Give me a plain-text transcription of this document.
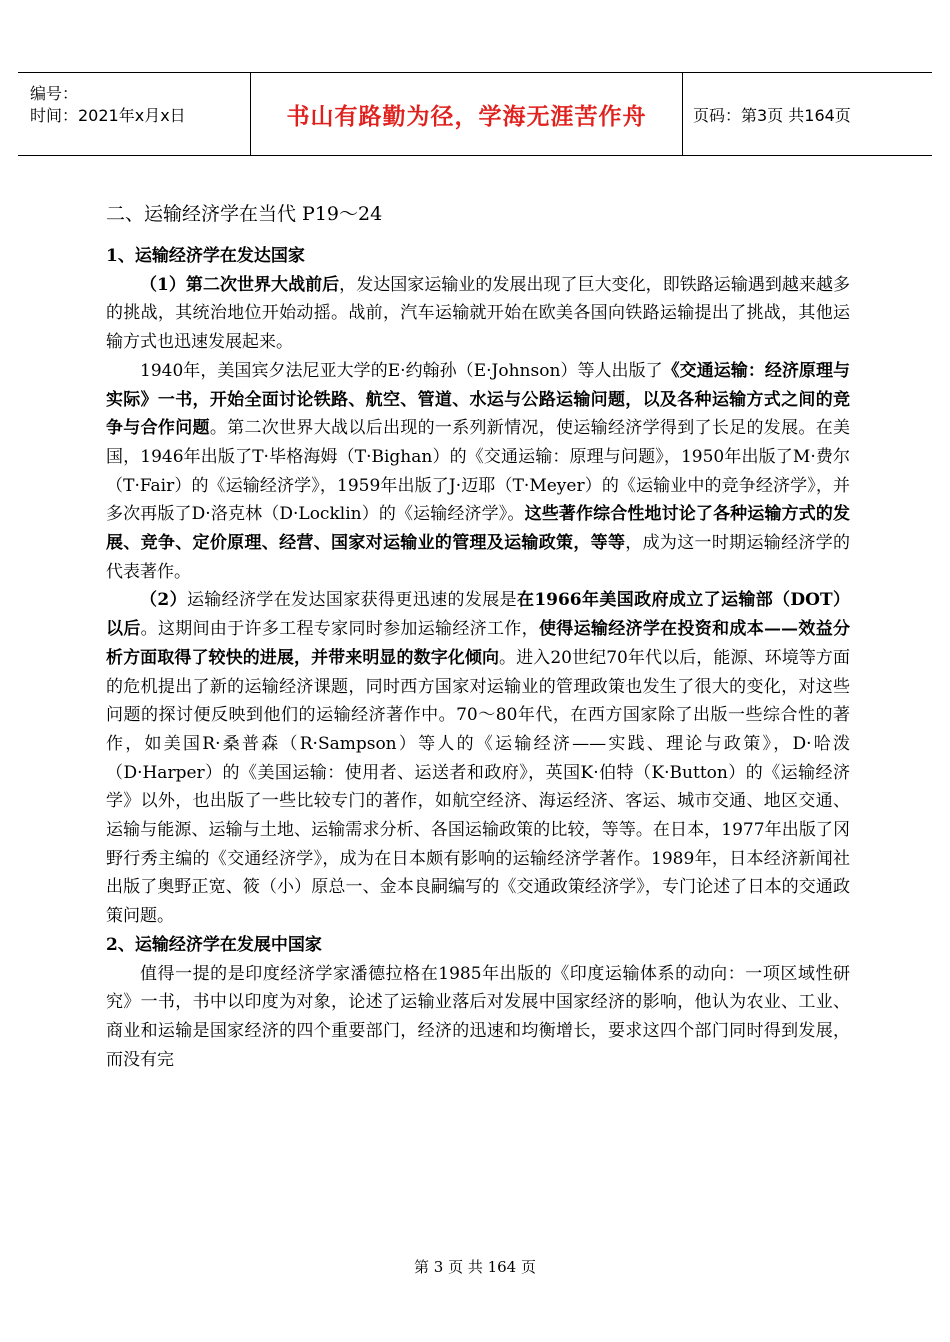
编号：
时间：2021年x月x日	书山有路勤为径，学海无涯苦作舟	页码：第3页 共164页
二、运输经济学在当代 P19～24

1、运输经济学在发达国家

（1）第二次世界大战前后，发达国家运输业的发展出现了巨大变化，即铁路运输遇到越来越多的挑战，其统治地位开始动摇。战前，汽车运输就开始在欧美各国向铁路运输提出了挑战，其他运输方式也迅速发展起来。

1940年，美国宾夕法尼亚大学的E·约翰孙（E·Johnson）等人出版了《交通运输：经济原理与实际》一书，开始全面讨论铁路、航空、管道、水运与公路运输问题，以及各种运输方式之间的竞争与合作问题。第二次世界大战以后出现的一系列新情况，使运输经济学得到了长足的发展。在美国，1946年出版了T·毕格海姆（T·Bighan）的《交通运输：原理与问题》，1950年出版了M·费尔（T·Fair）的《运输经济学》，1959年出版了J·迈耶（T·Meyer）的《运输业中的竞争经济学》，并多次再版了D·洛克林（D·Locklin）的《运输经济学》。这些著作综合性地讨论了各种运输方式的发展、竞争、定价原理、经营、国家对运输业的管理及运输政策，等等，成为这一时期运输经济学的代表著作。

（2）运输经济学在发达国家获得更迅速的发展是在1966年美国政府成立了运输部（DOT）以后。这期间由于许多工程专家同时参加运输经济工作，使得运输经济学在投资和成本——效益分析方面取得了较快的进展，并带来明显的数字化倾向。进入20世纪70年代以后，能源、环境等方面的危机提出了新的运输经济课题，同时西方国家对运输业的管理政策也发生了很大的变化，对这些问题的探讨便反映到他们的运输经济著作中。70～80年代，在西方国家除了出版一些综合性的著作，如美国R·桑普森（R·Sampson）等人的《运输经济——实践、理论与政策》，D·哈泼（D·Harper）的《美国运输：使用者、运送者和政府》，英国K·伯特（K·Button）的《运输经济学》以外，也出版了一些比较专门的著作，如航空经济、海运经济、客运、城市交通、地区交通、运输与能源、运输与土地、运输需求分析、各国运输政策的比较，等等。在日本，1977年出版了冈野行秀主编的《交通经济学》，成为在日本颇有影响的运输经济学著作。1989年，日本经济新闻社出版了奥野正宽、筱（小）原总一、金本良嗣编写的《交通政策经济学》，专门论述了日本的交通政策问题。

2、运输经济学在发展中国家

值得一提的是印度经济学家潘德拉格在1985年出版的《印度运输体系的动向：一项区域性研究》一书，书中以印度为对象，论述了运输业落后对发展中国家经济的影响，他认为农业、工业、商业和运输是国家经济的四个重要部门，经济的迅速和均衡增长，要求这四个部门同时得到发展，而没有完

第 3 页 共 164 页
